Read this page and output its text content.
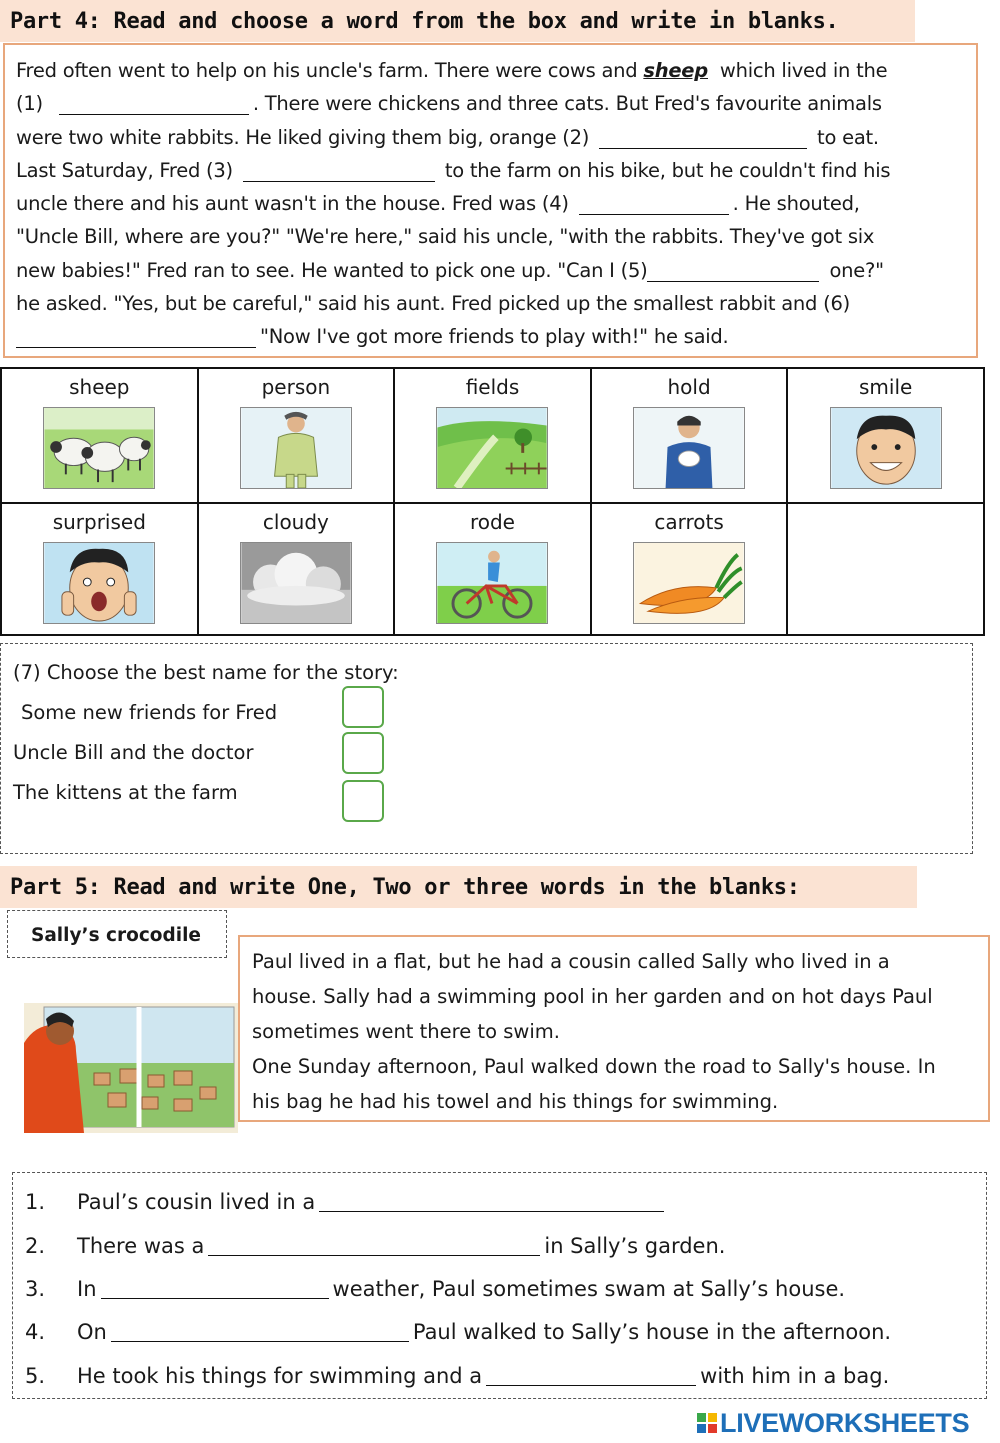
Part 4: Read and choose a word from the box and write in blanks.

Fred often went to help on his uncle's farm. There were cows and sheep which lived in the

(1)	. There were chickens and three cats. But Fred's favourite animals

were two white rabbits. He liked giving them big, orange (2)	to eat.

Last Saturday, Fred (3)	to the farm on his bike, but he couldn't find his

uncle there and his aunt wasn't in the house. Fred was (4)	. He shouted,

"Uncle Bill, where are you?" "We're here," said his uncle, "with the rabbits. They've got six

new babies!" Fred ran to see. He wanted to pick one up. "Can I (5)	one?"

he asked. "Yes, but be careful," said his aunt. Fred picked up the smallest rabbit and (6)

"Now I've got more friends to play with!" he said.

sheep	person	fields	hold	smile

surprised	cloudy	rode	carrots	

(7) Choose the best name for the story:
Some new friends for Fred
Uncle Bill and the doctor
The kittens at the farm
Part 5: Read and write One, Two or three words in the blanks:
Sally’s crocodile

Paul lived in a flat, but he had a cousin called Sally who lived in a

house. Sally had a swimming pool in her garden and on hot days Paul

sometimes went there to swim.

One Sunday afternoon, Paul walked down the road to Sally's house. In

his bag he had his towel and his things for swimming.

1.	Paul’s cousin lived in a
2.	There was a	in Sally’s garden.
3.	In	weather, Paul sometimes swam at Sally’s house.
4.	On	Paul walked to Sally’s house in the afternoon.
5.	He took his things for swimming and a	with him in a bag.
LIVEWORKSHEETS
